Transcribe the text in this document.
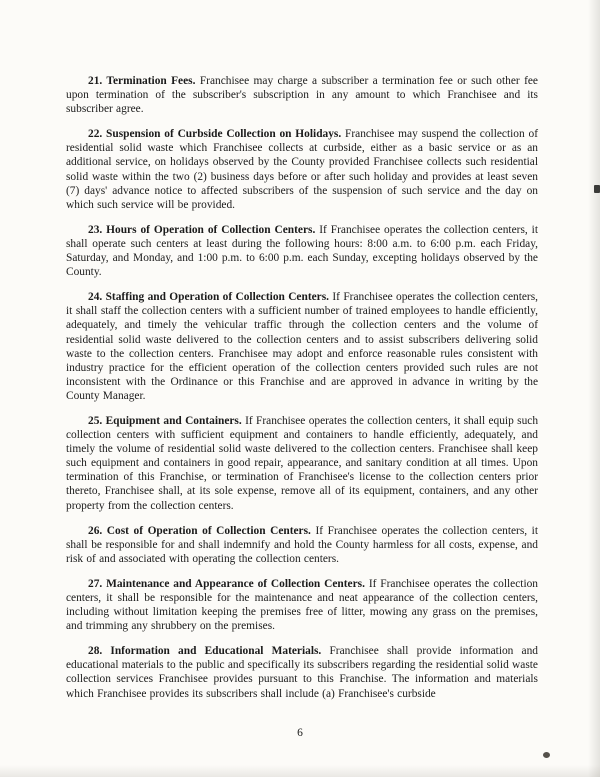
21. Termination Fees. Franchisee may charge a subscriber a termination fee or such other fee upon termination of the subscriber's subscription in any amount to which Franchisee and its subscriber agree.

22. Suspension of Curbside Collection on Holidays. Franchisee may suspend the collection of residential solid waste which Franchisee collects at curbside, either as a basic service or as an additional service, on holidays observed by the County provided Franchisee collects such residential solid waste within the two (2) business days before or after such holiday and provides at least seven (7) days' advance notice to affected subscribers of the suspension of such service and the day on which such service will be provided.

23. Hours of Operation of Collection Centers. If Franchisee operates the collection centers, it shall operate such centers at least during the following hours: 8:00 a.m. to 6:00 p.m. each Friday, Saturday, and Monday, and 1:00 p.m. to 6:00 p.m. each Sunday, excepting holidays observed by the County.

24. Staffing and Operation of Collection Centers. If Franchisee operates the collection centers, it shall staff the collection centers with a sufficient number of trained employees to handle efficiently, adequately, and timely the vehicular traffic through the collection centers and the volume of residential solid waste delivered to the collection centers and to assist subscribers delivering solid waste to the collection centers. Franchisee may adopt and enforce reasonable rules consistent with industry practice for the efficient operation of the collection centers provided such rules are not inconsistent with the Ordinance or this Franchise and are approved in advance in writing by the County Manager.

25. Equipment and Containers. If Franchisee operates the collection centers, it shall equip such collection centers with sufficient equipment and containers to handle efficiently, adequately, and timely the volume of residential solid waste delivered to the collection centers. Franchisee shall keep such equipment and containers in good repair, appearance, and sanitary condition at all times. Upon termination of this Franchise, or termination of Franchisee's license to the collection centers prior thereto, Franchisee shall, at its sole expense, remove all of its equipment, containers, and any other property from the collection centers.

26. Cost of Operation of Collection Centers. If Franchisee operates the collection centers, it shall be responsible for and shall indemnify and hold the County harmless for all costs, expense, and risk of and associated with operating the collection centers.

27. Maintenance and Appearance of Collection Centers. If Franchisee operates the collection centers, it shall be responsible for the maintenance and neat appearance of the collection centers, including without limitation keeping the premises free of litter, mowing any grass on the premises, and trimming any shrubbery on the premises.

28. Information and Educational Materials. Franchisee shall provide information and educational materials to the public and specifically its subscribers regarding the residential solid waste collection services Franchisee provides pursuant to this Franchise. The information and materials which Franchisee provides its subscribers shall include (a) Franchisee's curbside

6
